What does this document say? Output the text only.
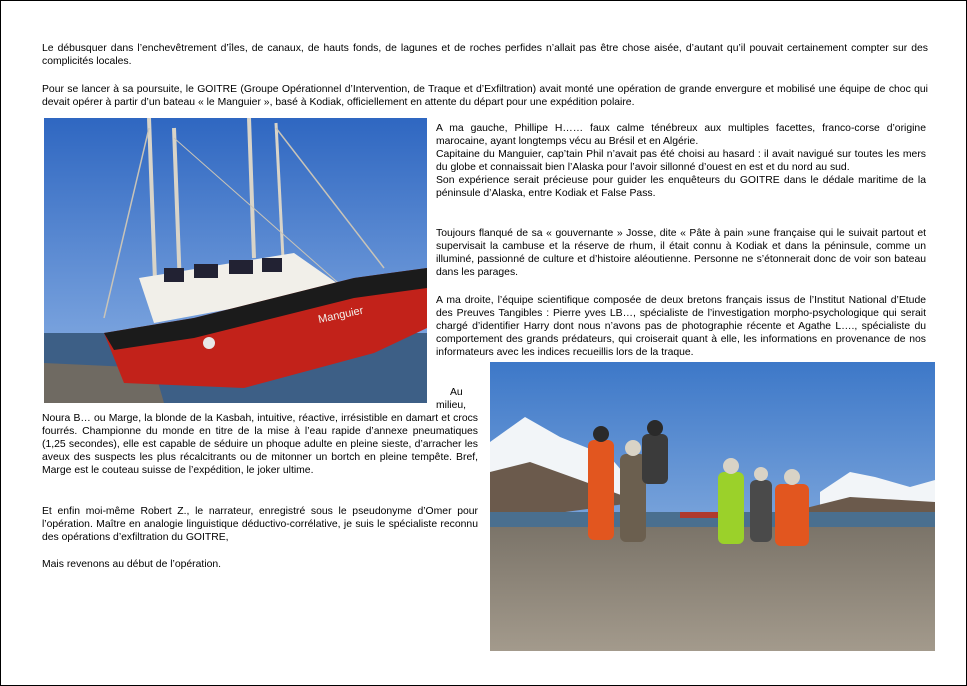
Le débusquer dans l’enchevêtrement d’îles, de canaux, de hauts fonds, de lagunes et de roches perfides n’allait pas être chose aisée, d’autant qu’il pouvait certainement compter sur des complicités locales.

Pour se lancer à sa poursuite, le GOITRE (Groupe Opérationnel d’Intervention, de Traque et d’Exfiltration) avait monté une opération de grande envergure et mobilisé une équipe de choc qui devait opérer à partir d’un bateau « le Manguier », basé à Kodiak, officiellement en attente du départ pour une expédition polaire.

Manguier
A ma gauche, Phillipe H…… faux calme ténébreux aux multiples facettes, franco-corse d’origine marocaine, ayant longtemps vécu au Brésil et en Algérie.
Capitaine du Manguier, cap’tain Phil n’avait pas été choisi au hasard : il avait navigué sur toutes les mers du globe et connaissait bien l’Alaska pour l’avoir sillonné d’ouest en est et du nord au sud.
Son expérience serait précieuse pour guider les enquêteurs du GOITRE dans le dédale maritime de la péninsule d’Alaska, entre Kodiak et False Pass.

Toujours flanqué de sa « gouvernante » Josse, dite « Pâte à pain »une française qui le suivait partout et supervisait la cambuse et la réserve de rhum, il était connu à Kodiak et dans la péninsule, comme un illuminé, passionné de culture et d’histoire aléoutienne. Personne ne s’étonnerait donc de voir son bateau dans les parages.

A ma droite, l’équipe scientifique composée de deux bretons français issus de l’Institut National d’Etude des Preuves Tangibles : Pierre yves LB…, spécialiste de l’investigation morpho-psychologique qui serait chargé d’identifier Harry dont nous n’avons pas de photographie récente et Agathe L…., spécialiste du comportement des grands prédateurs, qui croiserait quant à elle, les informations en provenance de nos informateurs avec les indices recueillis lors de la traque.

Au
milieu,
Noura B… ou Marge, la blonde de la Kasbah, intuitive, réactive, irrésistible en damart et crocs fourrés. Championne du monde en titre de la mise à l’eau rapide d’annexe pneumatiques (1,25 secondes), elle est capable de séduire un phoque adulte en pleine sieste, d’arracher les aveux des suspects les plus récalcitrants ou de mitonner un bortch en pleine tempête. Bref, Marge est le couteau suisse de l’expédition, le joker ultime.

Et enfin moi-même Robert Z., le narrateur, enregistré sous le pseudonyme d’Omer pour l’opération. Maître en analogie linguistique déductivo-corrélative, je suis le spécialiste reconnu des opérations d’exfiltration du GOITRE,

Mais revenons au début de l’opération.
